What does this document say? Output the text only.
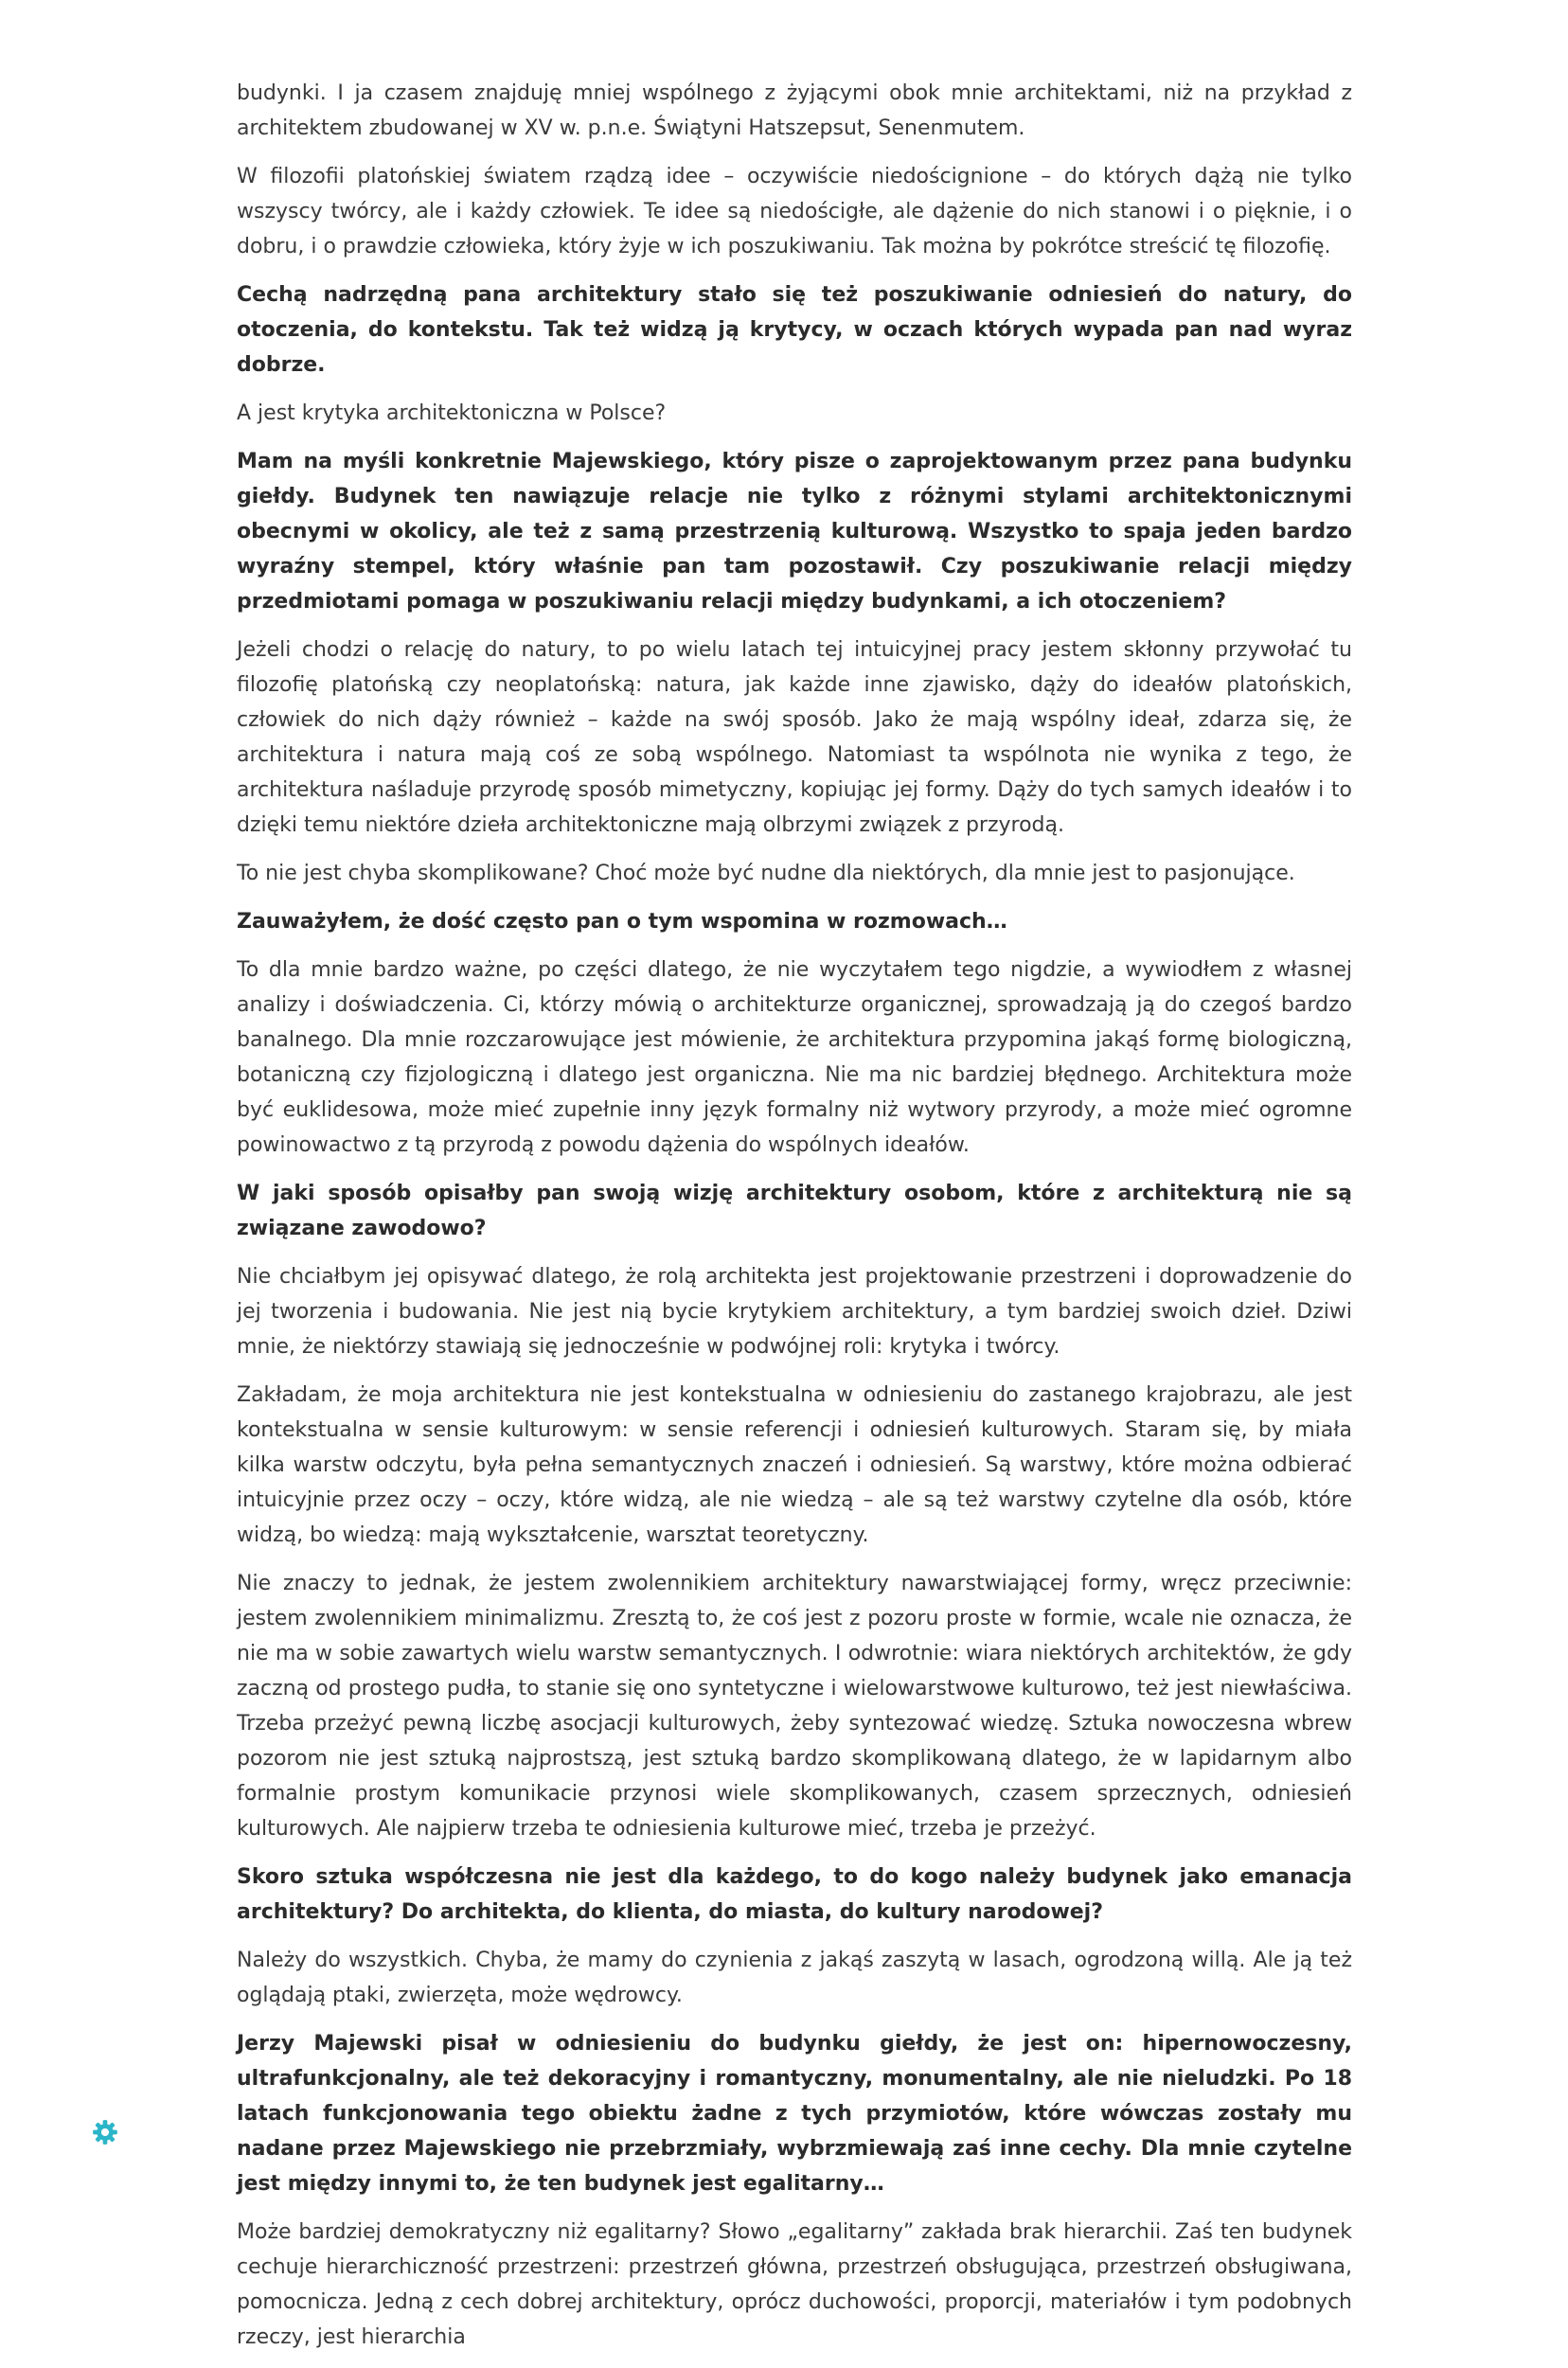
budynki. I ja czasem znajduję mniej wspólnego z żyjącymi obok mnie architektami, niż na przykład z architektem zbudowanej w XV w. p.n.e. Świątyni Hatszepsut, Senenmutem.

W filozofii platońskiej światem rządzą idee – oczywiście niedoścignione – do których dążą nie tylko wszyscy twórcy, ale i każdy człowiek. Te idee są niedościgłe, ale dążenie do nich stanowi i o pięknie, i o dobru, i o prawdzie człowieka, który żyje w ich poszukiwaniu. Tak można by pokrótce streścić tę filozofię.

Cechą nadrzędną pana architektury stało się też poszukiwanie odniesień do natury, do otoczenia, do kontekstu. Tak też widzą ją krytycy, w oczach których wypada pan nad wyraz dobrze.

A jest krytyka architektoniczna w Polsce?

Mam na myśli konkretnie Majewskiego, który pisze o zaprojektowanym przez pana budynku giełdy. Budynek ten nawiązuje relacje nie tylko z różnymi stylami architektonicznymi obecnymi w okolicy, ale też z samą przestrzenią kulturową. Wszystko to spaja jeden bardzo wyraźny stempel, który właśnie pan tam pozostawił. Czy poszukiwanie relacji między przedmiotami pomaga w poszukiwaniu relacji między budynkami, a ich otoczeniem?

Jeżeli chodzi o relację do natury, to po wielu latach tej intuicyjnej pracy jestem skłonny przywołać tu filozofię platońską czy neoplatońską: natura, jak każde inne zjawisko, dąży do ideałów platońskich, człowiek do nich dąży również – każde na swój sposób. Jako że mają wspólny ideał, zdarza się, że architektura i natura mają coś ze sobą wspólnego. Natomiast ta wspólnota nie wynika z tego, że architektura naśladuje przyrodę sposób mimetyczny, kopiując jej formy. Dąży do tych samych ideałów i to dzięki temu niektóre dzieła architektoniczne mają olbrzymi związek z przyrodą.

To nie jest chyba skomplikowane? Choć może być nudne dla niektórych, dla mnie jest to pasjonujące.

Zauważyłem, że dość często pan o tym wspomina w rozmowach…

To dla mnie bardzo ważne, po części dlatego, że nie wyczytałem tego nigdzie, a wywiodłem z własnej analizy i doświadczenia. Ci, którzy mówią o architekturze organicznej, sprowadzają ją do czegoś bardzo banalnego. Dla mnie rozczarowujące jest mówienie, że architektura przypomina jakąś formę biologiczną, botaniczną czy fizjologiczną i dlatego jest organiczna. Nie ma nic bardziej błędnego. Architektura może być euklidesowa, może mieć zupełnie inny język formalny niż wytwory przyrody, a może mieć ogromne powinowactwo z tą przyrodą z powodu dążenia do wspólnych ideałów.

W jaki sposób opisałby pan swoją wizję architektury osobom, które z architekturą nie są związane zawodowo?

Nie chciałbym jej opisywać dlatego, że rolą architekta jest projektowanie przestrzeni i doprowadzenie do jej tworzenia i budowania. Nie jest nią bycie krytykiem architektury, a tym bardziej swoich dzieł. Dziwi mnie, że niektórzy stawiają się jednocześnie w podwójnej roli: krytyka i twórcy.

Zakładam, że moja architektura nie jest kontekstualna w odniesieniu do zastanego krajobrazu, ale jest kontekstualna w sensie kulturowym: w sensie referencji i odniesień kulturowych. Staram się, by miała kilka warstw odczytu, była pełna semantycznych znaczeń i odniesień. Są warstwy, które można odbierać intuicyjnie przez oczy – oczy, które widzą, ale nie wiedzą – ale są też warstwy czytelne dla osób, które widzą, bo wiedzą: mają wykształcenie, warsztat teoretyczny.

Nie znaczy to jednak, że jestem zwolennikiem architektury nawarstwiającej formy, wręcz przeciwnie: jestem zwolennikiem minimalizmu. Zresztą to, że coś jest z pozoru proste w formie, wcale nie oznacza, że nie ma w sobie zawartych wielu warstw semantycznych. I odwrotnie: wiara niektórych architektów, że gdy zaczną od prostego pudła, to stanie się ono syntetyczne i wielowarstwowe kulturowo, też jest niewłaściwa. Trzeba przeżyć pewną liczbę asocjacji kulturowych, żeby syntezować wiedzę. Sztuka nowoczesna wbrew pozorom nie jest sztuką najprostszą, jest sztuką bardzo skomplikowaną dlatego, że w lapidarnym albo formalnie prostym komunikacie przynosi wiele skomplikowanych, czasem sprzecznych, odniesień kulturowych. Ale najpierw trzeba te odniesienia kulturowe mieć, trzeba je przeżyć.

Skoro sztuka współczesna nie jest dla każdego, to do kogo należy budynek jako emanacja architektury? Do architekta, do klienta, do miasta, do kultury narodowej?

Należy do wszystkich. Chyba, że mamy do czynienia z jakąś zaszytą w lasach, ogrodzoną willą. Ale ją też oglądają ptaki, zwierzęta, może wędrowcy.

Jerzy Majewski pisał w odniesieniu do budynku giełdy, że jest on: hipernowoczesny, ultrafunkcjonalny, ale też dekoracyjny i romantyczny, monumentalny, ale nie nieludzki. Po 18 latach funkcjonowania tego obiektu żadne z tych przymiotów, które wówczas zostały mu nadane przez Majewskiego nie przebrzmiały, wybrzmiewają zaś inne cechy. Dla mnie czytelne jest między innymi to, że ten budynek jest egalitarny…

Może bardziej demokratyczny niż egalitarny? Słowo „egalitarny” zakłada brak hierarchii. Zaś ten budynek cechuje hierarchiczność przestrzeni: przestrzeń główna, przestrzeń obsługująca, przestrzeń obsługiwana, pomocnicza. Jedną z cech dobrej architektury, oprócz duchowości, proporcji, materiałów i tym podobnych rzeczy, jest hierarchia
